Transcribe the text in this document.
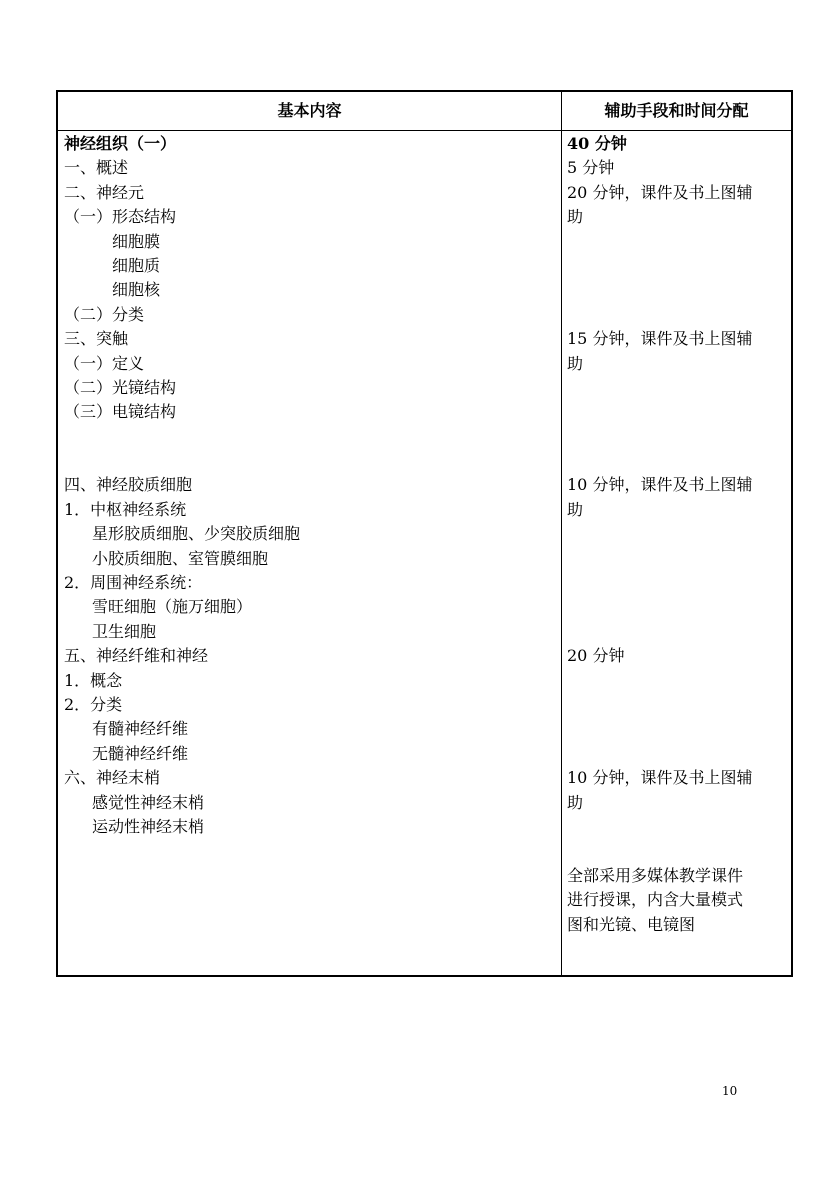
基本内容	辅助手段和时间分配
神经组织（一）
一、概述
二、神经元
（一）形态结构
细胞膜
细胞质
细胞核
（二）分类
三、突触
（一）定义
（二）光镜结构
（三）电镜结构
四、神经胶质细胞
1．中枢神经系统
星形胶质细胞、少突胶质细胞
小胶质细胞、室管膜细胞
2．周围神经系统：
雪旺细胞（施万细胞）
卫生细胞
五、神经纤维和神经
1．概念
2．分类
有髓神经纤维
无髓神经纤维
六、神经末梢
感觉性神经末梢
运动性神经末梢
40 分钟
5 分钟
20 分钟，课件及书上图辅
助
15 分钟，课件及书上图辅
助
10 分钟，课件及书上图辅
助
20 分钟
10 分钟，课件及书上图辅
助
全部采用多媒体教学课件
进行授课，内含大量模式
图和光镜、电镜图
10
